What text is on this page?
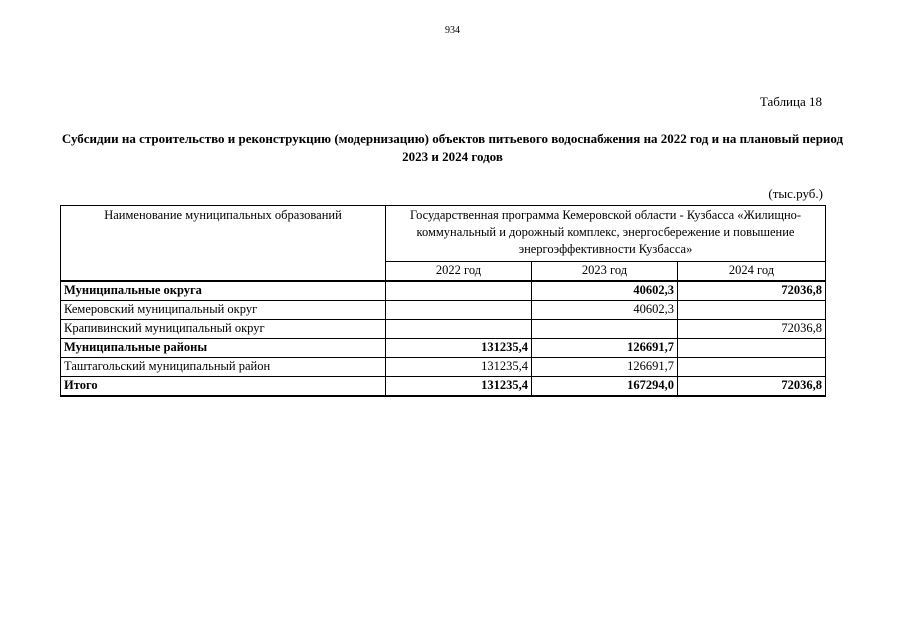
934
Таблица 18
Субсидии на строительство и реконструкцию (модернизацию) объектов питьевого водоснабжения на 2022 год и на плановый период 2023 и 2024 годов
(тыс.руб.)
Наименование муниципальных образований	Государственная программа Кемеровской области - Кузбасса «Жилищно-коммунальный и дорожный комплекс, энергосбережение и повышение энергоэффективности Кузбасса»		
	2022 год	2023 год	2024 год
Муниципальные округа		40602,3	72036,8
Кемеровский муниципальный округ		40602,3	
Крапивинский муниципальный округ			72036,8
Муниципальные районы	131235,4	126691,7	
Таштагольский муниципальный район	131235,4	126691,7	
Итого	131235,4	167294,0	72036,8
